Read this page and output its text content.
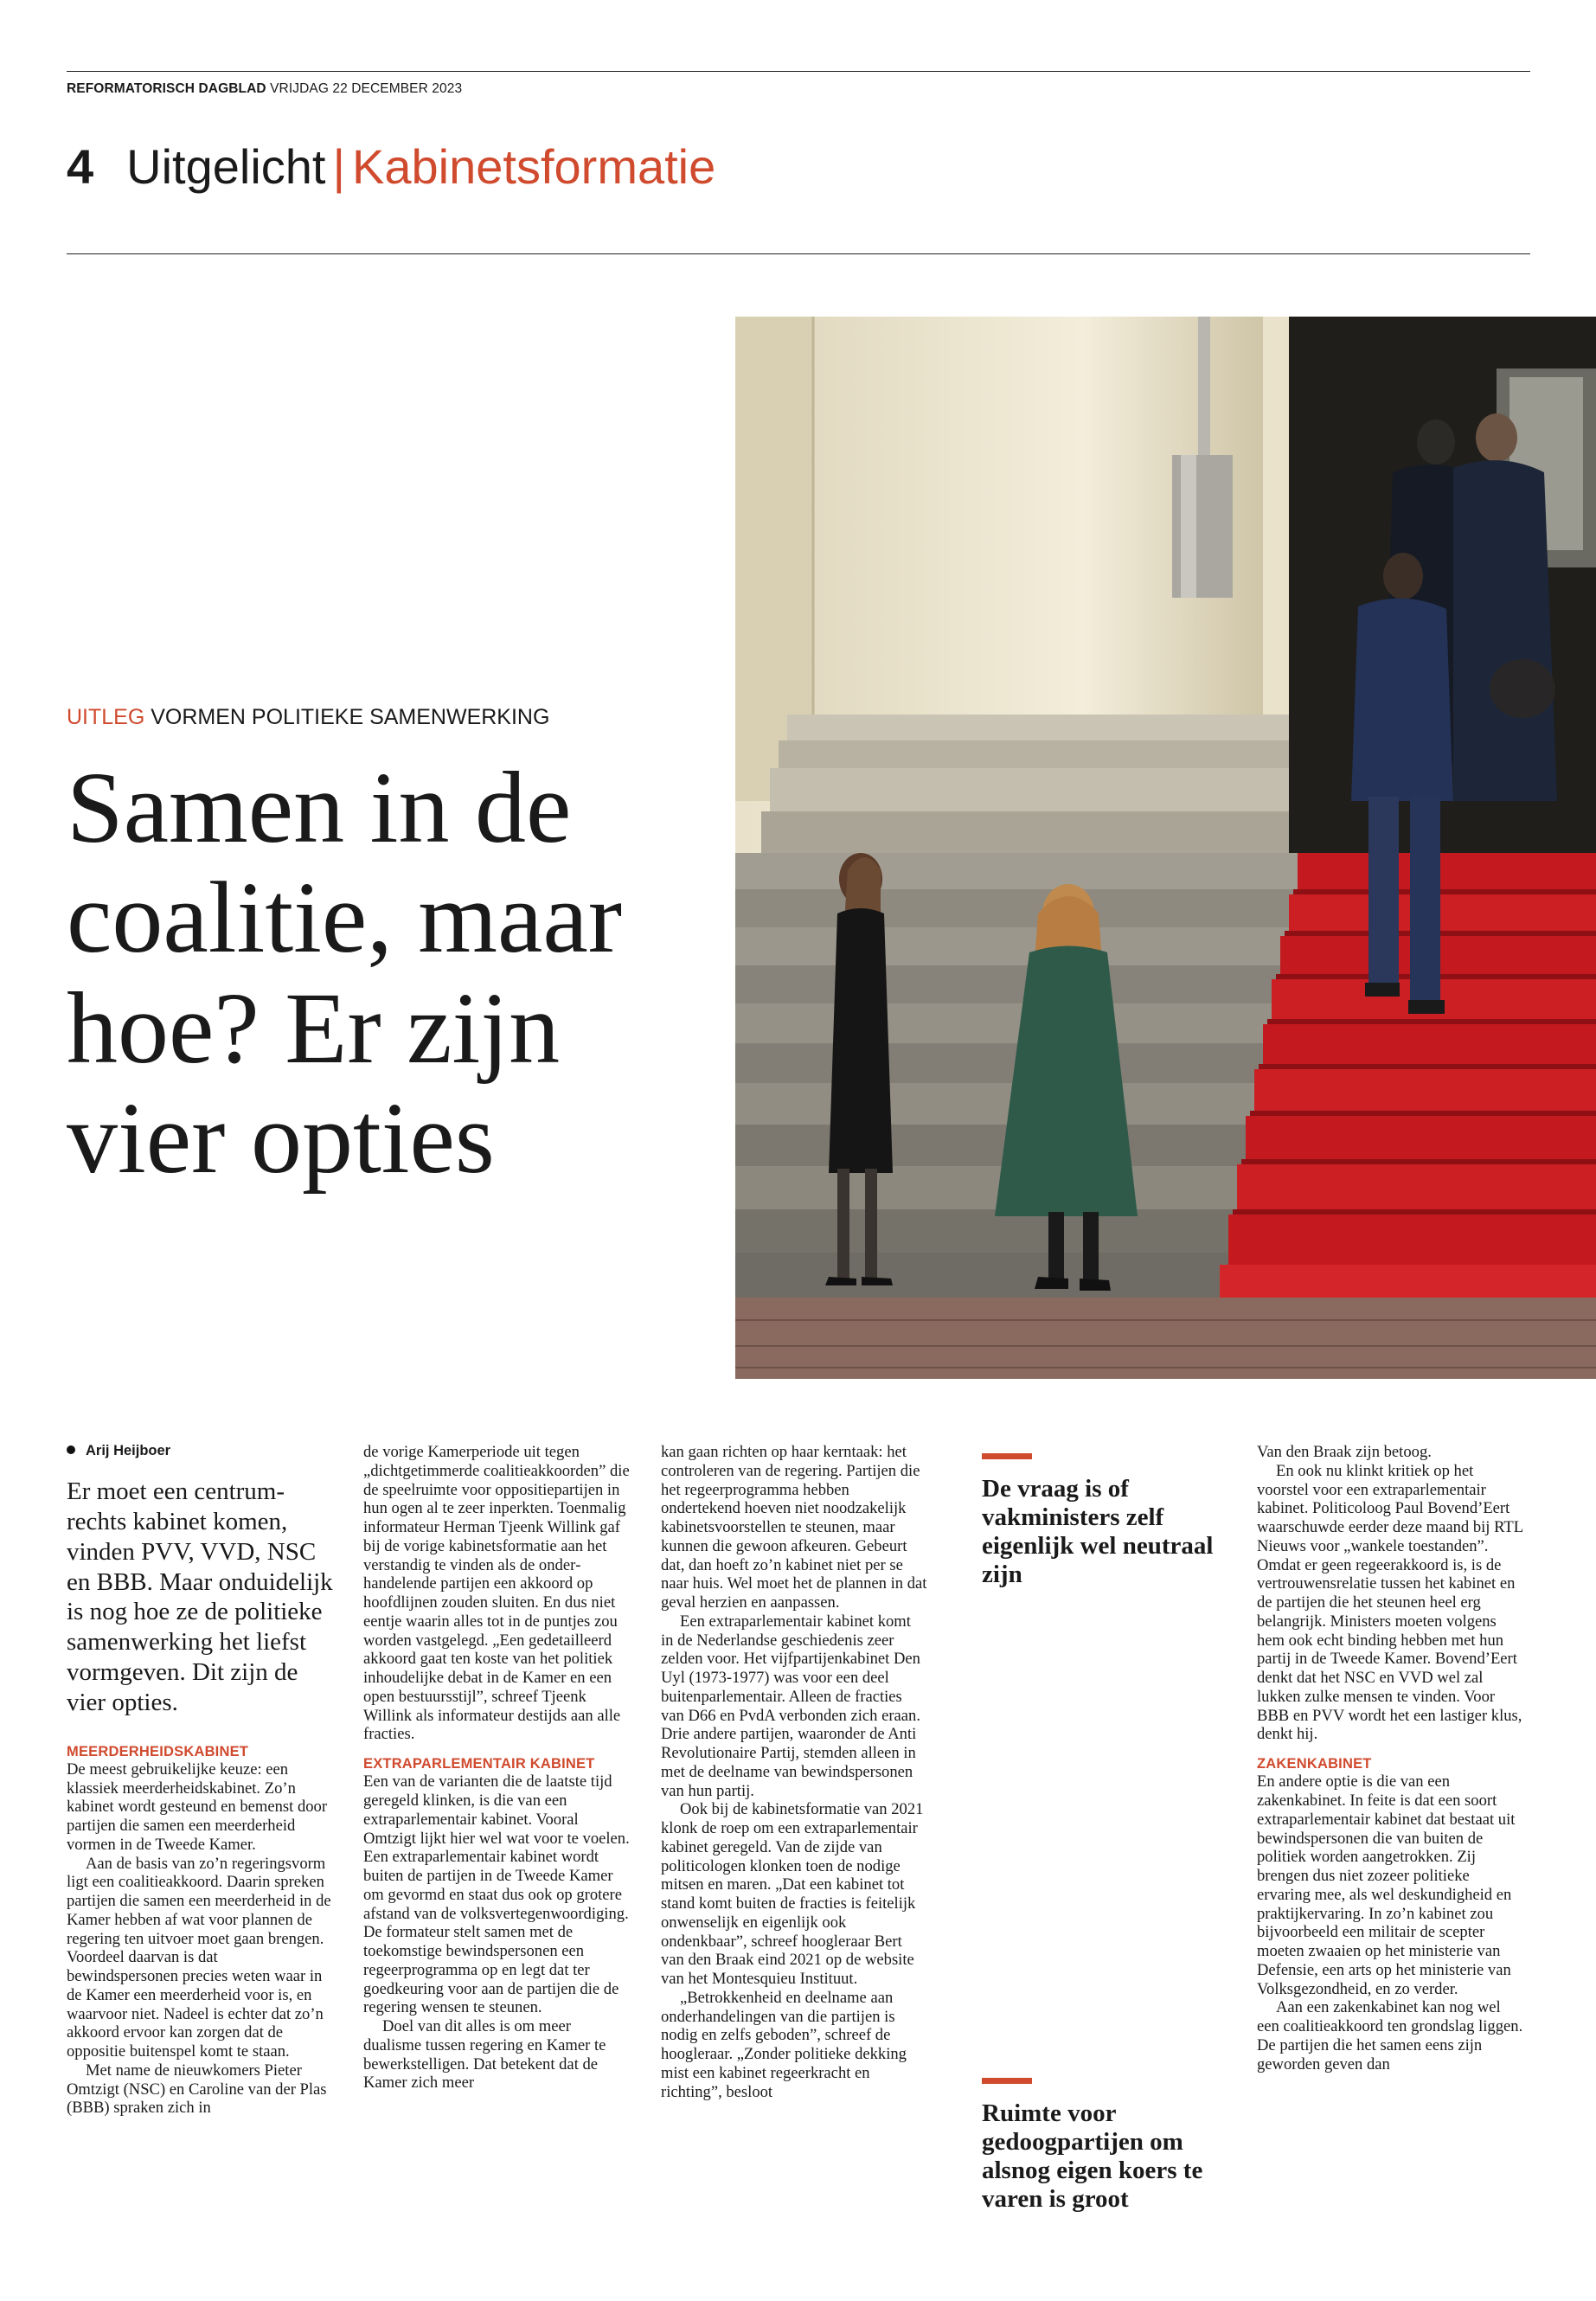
REFORMATORISCH DAGBLAD VRIJDAG 22 DECEMBER 2023
4 Uitgelicht | Kabinetsformatie
UITLEG VORMEN POLITIEKE SAMENWERKING
Samen in de coalitie, maar hoe? Er zijn vier opties

Arij Heijboer

Er moet een centrumrechts kabinet komen, vinden PVV, VVD, NSC en BBB. Maar onduidelijk is nog hoe ze de politieke samenwerking het liefst vormgeven. Dit zijn de vier opties.

MEERDERHEIDSKABINET

De meest gebruikelijke keuze: een klassiek meerderheidskabinet. Zo’n kabinet wordt gesteund en bemenst door partijen die samen een meerderheid vormen in de Tweede Kamer.

Aan de basis van zo’n regeringsvorm ligt een coalitieakkoord. Daarin spreken partijen die samen een meerderheid in de Kamer hebben af wat voor plannen de regering ten uitvoer moet gaan brengen. Voordeel daarvan is dat bewindspersonen precies weten waar in de Kamer een meerderheid voor is, en waarvoor niet. Nadeel is echter dat zo’n akkoord ervoor kan zorgen dat de oppositie buitenspel komt te staan.

Met name de nieuwkomers Pieter Omtzigt (NSC) en Caroline van der Plas (BBB) spraken zich in

de vorige Kamerperiode uit tegen „dichtgetimmerde coalitieakkoorden” die de speelruimte voor oppositiepartijen in hun ogen al te zeer inperkten. Toenmalig informateur Herman Tjeenk Willink gaf bij de vorige kabinetsformatie aan het verstandig te vinden als de onderhandelende partijen een akkoord op hoofdlijnen zouden sluiten. En dus niet eentje waarin alles tot in de puntjes zou worden vastgelegd. „Een gedetailleerd akkoord gaat ten koste van het politiek inhoudelijke debat in de Kamer en een open bestuursstijl”, schreef Tjeenk Willink als informateur destijds aan alle fracties.

EXTRAPARLEMENTAIR KABINET

Een van de varianten die de laatste tijd geregeld klinken, is die van een extraparlementair kabinet. Vooral Omtzigt lijkt hier wel wat voor te voelen. Een extraparlementair kabinet wordt buiten de partijen in de Tweede Kamer om gevormd en staat dus ook op grotere afstand van de volksvertegenwoordiging. De formateur stelt samen met de toekomstige bewindspersonen een regeerprogramma op en legt dat ter goedkeuring voor aan de partijen die de regering wensen te steunen.

Doel van dit alles is om meer dualisme tussen regering en Kamer te bewerkstelligen. Dat betekent dat de Kamer zich meer

kan gaan richten op haar kerntaak: het controleren van de regering. Partijen die het regeerprogramma hebben ondertekend hoeven niet noodzakelijk kabinetsvoorstellen te steunen, maar kunnen die gewoon afkeuren. Gebeurt dat, dan hoeft zo’n kabinet niet per se naar huis. Wel moet het de plannen in dat geval herzien en aanpassen.

Een extraparlementair kabinet komt in de Nederlandse geschiedenis zeer zelden voor. Het vijfpartijenkabinet Den Uyl (1973-1977) was voor een deel buitenparlementair. Alleen de fracties van D66 en PvdA verbonden zich eraan. Drie andere partijen, waaronder de Anti Revolutionaire Partij, stemden alleen in met de deelname van bewindspersonen van hun partij.

Ook bij de kabinetsformatie van 2021 klonk de roep om een extraparlementair kabinet geregeld. Van de zijde van politicologen klonken toen de nodige mitsen en maren. „Dat een kabinet tot stand komt buiten de fracties is feitelijk onwenselijk en eigenlijk ook ondenkbaar”, schreef hoogleraar Bert van den Braak eind 2021 op de website van het Montesquieu Instituut.

„Betrokkenheid en deelname aan onderhandelingen van die partijen is nodig en zelfs geboden”, schreef de hoogleraar. „Zonder politieke dekking mist een kabinet regeerkracht en richting”, besloot

De vraag is of vakministers zelf eigenlijk wel neutraal zijn
Ruimte voor gedoogpartijen om alsnog eigen koers te varen is groot

Van den Braak zijn betoog.

En ook nu klinkt kritiek op het voorstel voor een extraparlementair kabinet. Politicoloog Paul Bovend’Eert waarschuwde eerder deze maand bij RTL Nieuws voor „wankele toestanden”. Omdat er geen regeerakkoord is, is de vertrouwensrelatie tussen het kabinet en de partijen die het steunen heel erg belangrijk. Ministers moeten volgens hem ook echt binding hebben met hun partij in de Tweede Kamer. Bovend’Eert denkt dat het NSC en VVD wel zal lukken zulke mensen te vinden. Voor BBB en PVV wordt het een lastiger klus, denkt hij.

ZAKENKABINET

En andere optie is die van een zakenkabinet. In feite is dat een soort extraparlementair kabinet dat bestaat uit bewindspersonen die van buiten de politiek worden aangetrokken. Zij brengen dus niet zozeer politieke ervaring mee, als wel deskundigheid en praktijkervaring. In zo’n kabinet zou bijvoorbeeld een militair de scepter moeten zwaaien op het ministerie van Defensie, een arts op het ministerie van Volksgezondheid, en zo verder.

Aan een zakenkabinet kan nog wel een coalitieakkoord ten grondslag liggen. De partijen die het samen eens zijn geworden geven dan
